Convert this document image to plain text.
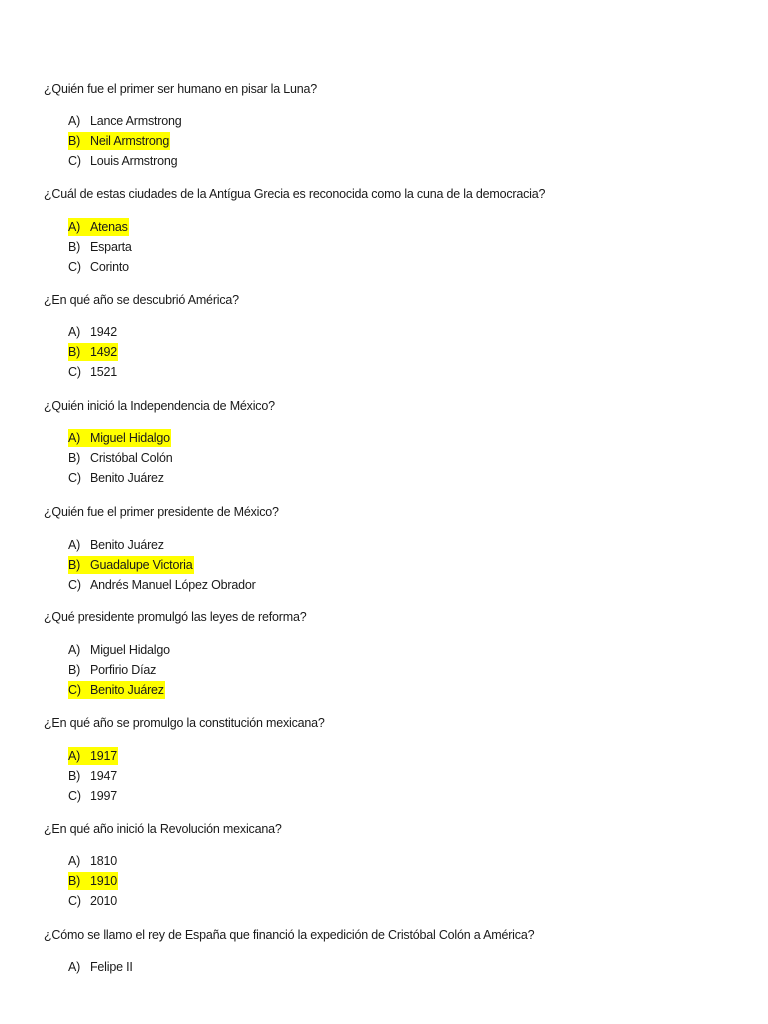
¿Quién fue el primer ser humano en pisar la Luna?
A) Lance Armstrong
B) Neil Armstrong
C) Louis Armstrong
¿Cuál de estas ciudades de la Antígua Grecia es reconocida como la cuna de la democracia?
A) Atenas
B) Esparta
C) Corinto
¿En qué año se descubrió América?
A) 1942
B) 1492
C) 1521
¿Quién inició la Independencia de México?
A) Miguel Hidalgo
B) Cristóbal Colón
C) Benito Juárez
¿Quién fue el primer presidente de México?
A) Benito Juárez
B) Guadalupe Victoria
C) Andrés Manuel López Obrador
¿Qué presidente promulgó las leyes de reforma?
A) Miguel Hidalgo
B) Porfirio Díaz
C) Benito Juárez
¿En qué año se promulgo la constitución mexicana?
A) 1917
B) 1947
C) 1997
¿En qué año inició la Revolución mexicana?
A) 1810
B) 1910
C) 2010
¿Cómo se llamo el rey de España que financió la expedición de Cristóbal Colón a América?
A) Felipe II
